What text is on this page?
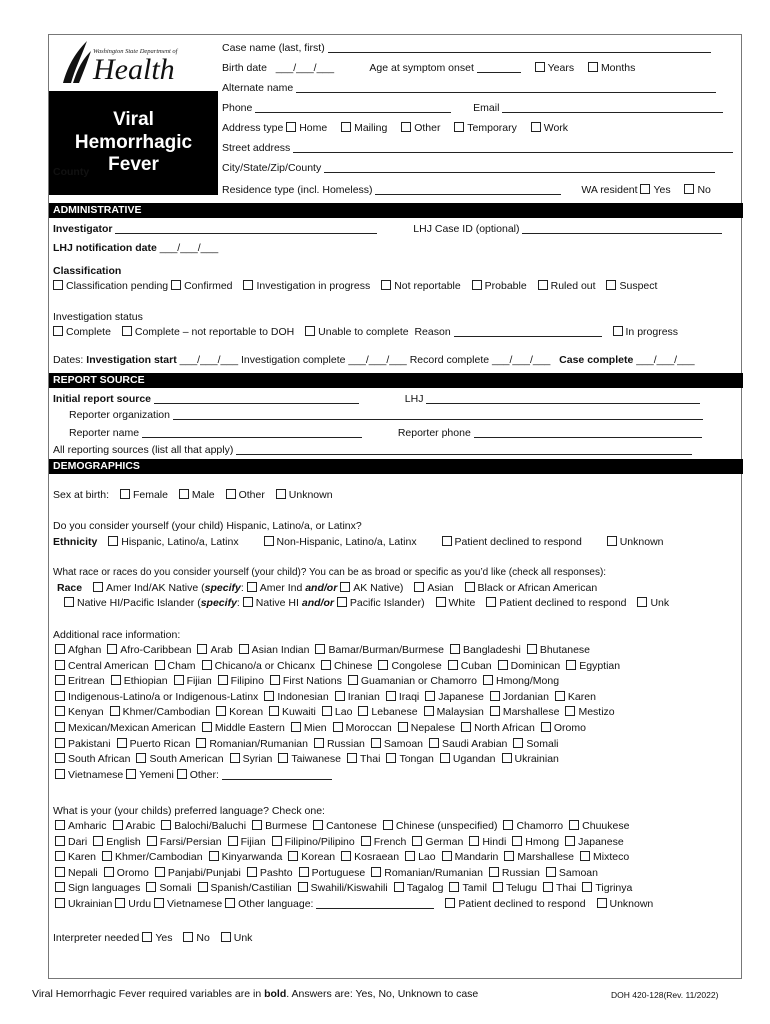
Washington State Department of
Health
Viral
Hemorrhagic
Fever
County
Case name (last, first)
Birth date ___/___/___	Age at symptom onset	Years	Months
Alternate name
Phone	Email
Address type Home	Mailing	Other	Temporary	Work
Street address
City/State/Zip/County
Residence type (incl. Homeless)	WA resident Yes	No
ADMINISTRATIVE
Investigator	LHJ Case ID (optional)
LHJ notification date ___/___/___
Classification
Classification pending Confirmed Investigation in progress Not reportable Probable Ruled out Suspect
Investigation status
Complete Complete – not reportable to DOH Unable to complete Reason	In progress
Dates: Investigation start ___/___/___ Investigation complete ___/___/___ Record complete ___/___/___ Case complete ___/___/___
REPORT SOURCE
Initial report source	LHJ
Reporter organization
Reporter name	Reporter phone
All reporting sources (list all that apply)
DEMOGRAPHICS
Sex at birth: Female Male Other Unknown
Do you consider yourself (your child) Hispanic, Latino/a, or Latinx?
Ethnicity Hispanic, Latino/a, Latinx	Non-Hispanic, Latino/a, Latinx	Patient declined to respond	Unknown
What race or races do you consider yourself (your child)? You can be as broad or specific as you’d like (check all responses):
Race Amer Ind/AK Native (specify: Amer Ind and/or AK Native) Asian Black or African American
Native HI/Pacific Islander (specify: Native HI and/or Pacific Islander) White Patient declined to respond Unk
Additional race information:
Afghan Afro-Caribbean Arab Asian Indian Bamar/Burman/Burmese Bangladeshi Bhutanese
Central American Cham Chicano/a or Chicanx Chinese Congolese Cuban Dominican Egyptian
Eritrean Ethiopian Fijian Filipino First Nations Guamanian or Chamorro Hmong/Mong
Indigenous-Latino/a or Indigenous-Latinx Indonesian Iranian Iraqi Japanese Jordanian Karen
Kenyan Khmer/Cambodian Korean Kuwaiti Lao Lebanese Malaysian Marshallese Mestizo
Mexican/Mexican American Middle Eastern Mien Moroccan Nepalese North African Oromo
Pakistani Puerto Rican Romanian/Rumanian Russian Samoan Saudi Arabian Somali
South African South American Syrian Taiwanese Thai Tongan Ugandan Ukrainian
Vietnamese Yemeni Other:
What is your (your childs) preferred language? Check one:
Amharic Arabic Balochi/Baluchi Burmese Cantonese Chinese (unspecified) Chamorro Chuukese
Dari English Farsi/Persian Fijian Filipino/Pilipino French German Hindi Hmong Japanese
Karen Khmer/Cambodian Kinyarwanda Korean Kosraean Lao Mandarin Marshallese Mixteco
Nepali Oromo Panjabi/Punjabi Pashto Portuguese Romanian/Rumanian Russian Samoan
Sign languages Somali Spanish/Castilian Swahili/Kiswahili Tagalog Tamil Telugu Thai Tigrinya
Ukrainian Urdu Vietnamese Other language:	Patient declined to respond Unknown
Interpreter needed Yes No Unk
Viral Hemorrhagic Fever required variables are in bold. Answers are: Yes, No, Unknown to case	DOH 420-128(Rev. 11/2022)
